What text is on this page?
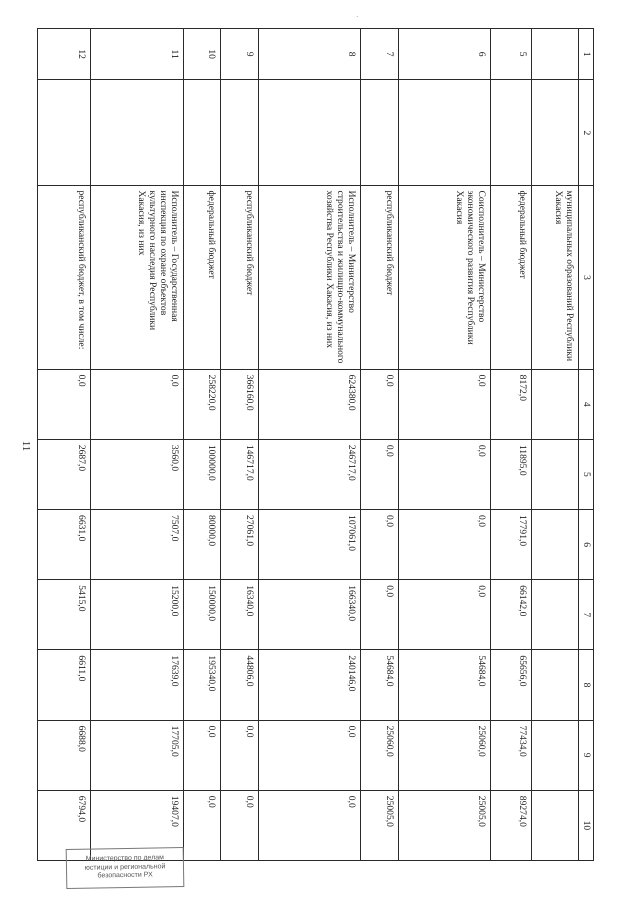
11
·
1	2	3	4	5	6	7	8	9	10
		муниципальных образований Республики Хакасия							
5		федеральный бюджет	8172,0	11895,0	17791,0	66142,0	65656,0	77434,0	89274,0
6		Соисполнитель – Министерство экономического развития Республики Хакасия	0,0	0,0	0,0	0,0	54684,0	25060,0	25005,0
7		республиканский бюджет	0,0	0,0	0,0	0,0	54684,0	25060,0	25005,0
8		Исполнитель – Министерство строительства и жилищно-коммунального хозяйства Республики Хакасия, из них	624380,0	246717,0	107061,0	166340,0	240146,0	0,0	0,0
9		республиканский бюджет	366160,0	146717,0	27061,0	16340,0	44806,0	0,0	0,0
10		федеральный бюджет	258220,0	100000,0	80000,0	150000,0	195340,0	0,0	0,0
11		Исполнитель – Государственная инспекция по охране объектов культурного наследия Республики Хакасия, из них	0,0	3560,0	7507,0	15200,0	17639,0	17705,0	19407,0
12		республиканский бюджет, в том числе:	0,0	2687,0	6631,0	5415,0	6611,0	6688,0	6794,0
Министерство по делам
юстиции и региональной
безопасности РХ
